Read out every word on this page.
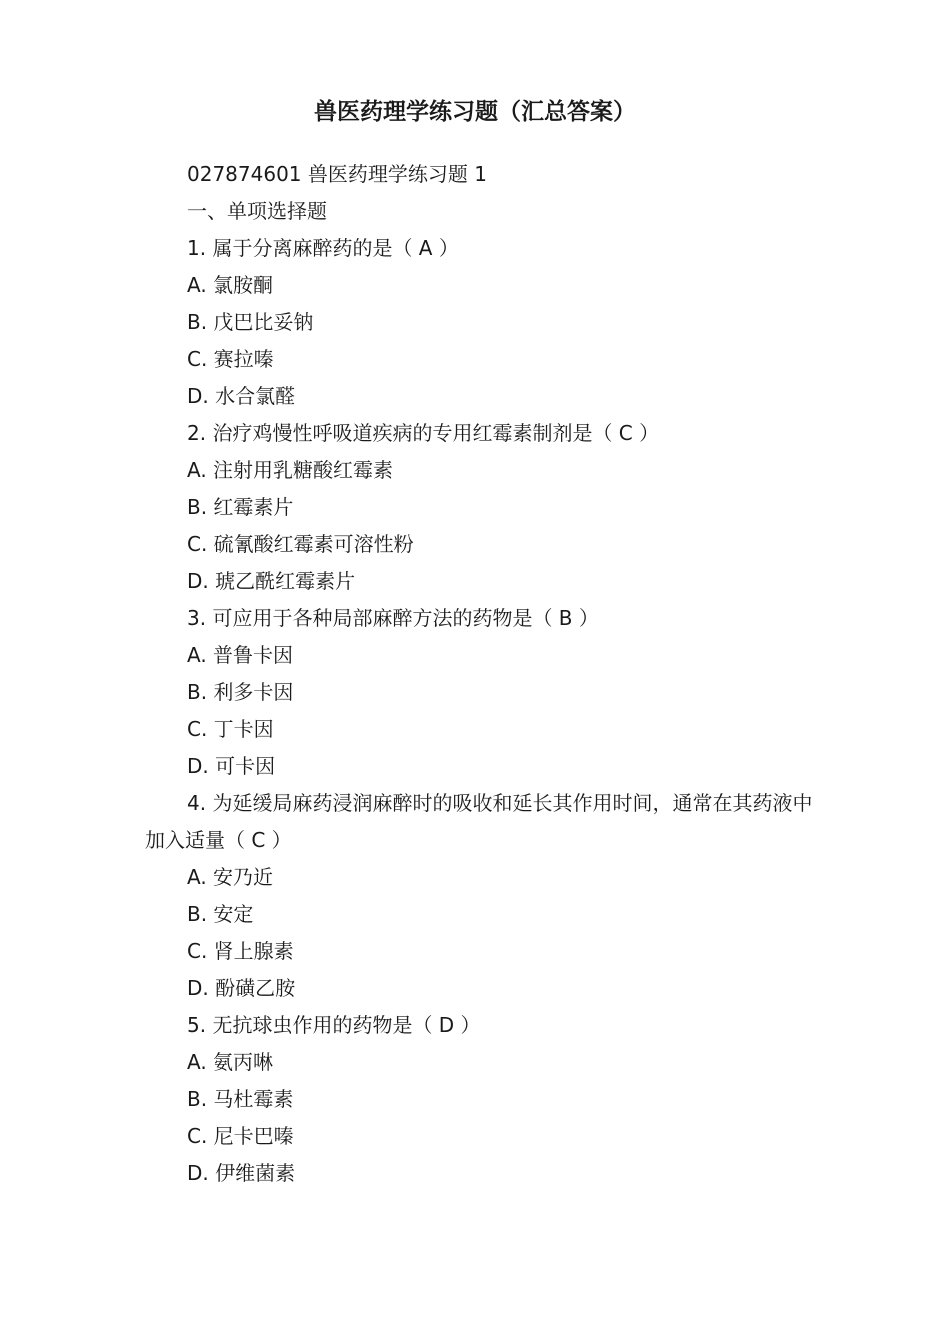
兽医药理学练习题（汇总答案）
027874601 兽医药理学练习题 1
一、单项选择题
1. 属于分离麻醉药的是（ A ）
A. 氯胺酮
B. 戊巴比妥钠
C. 赛拉嗪
D. 水合氯醛
2. 治疗鸡慢性呼吸道疾病的专用红霉素制剂是（ C ）
A. 注射用乳糖酸红霉素
B. 红霉素片
C. 硫氰酸红霉素可溶性粉
D. 琥乙酰红霉素片
3. 可应用于各种局部麻醉方法的药物是（ B ）
A. 普鲁卡因
B. 利多卡因
C. 丁卡因
D. 可卡因
4. 为延缓局麻药浸润麻醉时的吸收和延长其作用时间，通常在其药液中加入适量（ C ）
A. 安乃近
B. 安定
C. 肾上腺素
D. 酚磺乙胺
5. 无抗球虫作用的药物是（ D ）
A. 氨丙啉
B. 马杜霉素
C. 尼卡巴嗪
D. 伊维菌素
